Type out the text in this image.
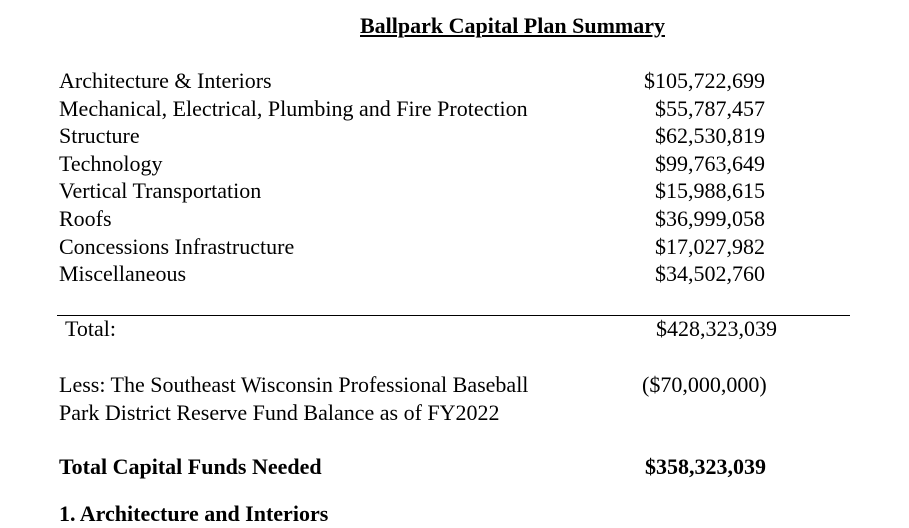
Ballpark Capital Plan Summary
Architecture & Interiors	$105,722,699
Mechanical, Electrical, Plumbing and Fire Protection	$55,787,457
Structure	$62,530,819
Technology	$99,763,649
Vertical Transportation	$15,988,615
Roofs	$36,999,058
Concessions Infrastructure	$17,027,982
Miscellaneous	$34,502,760
Total:	$428,323,039
Less: The Southeast Wisconsin Professional Baseball
Park District Reserve Fund Balance as of FY2022
($70,000,000)
Total Capital Funds Needed	$358,323,039
1. Architecture and Interiors
